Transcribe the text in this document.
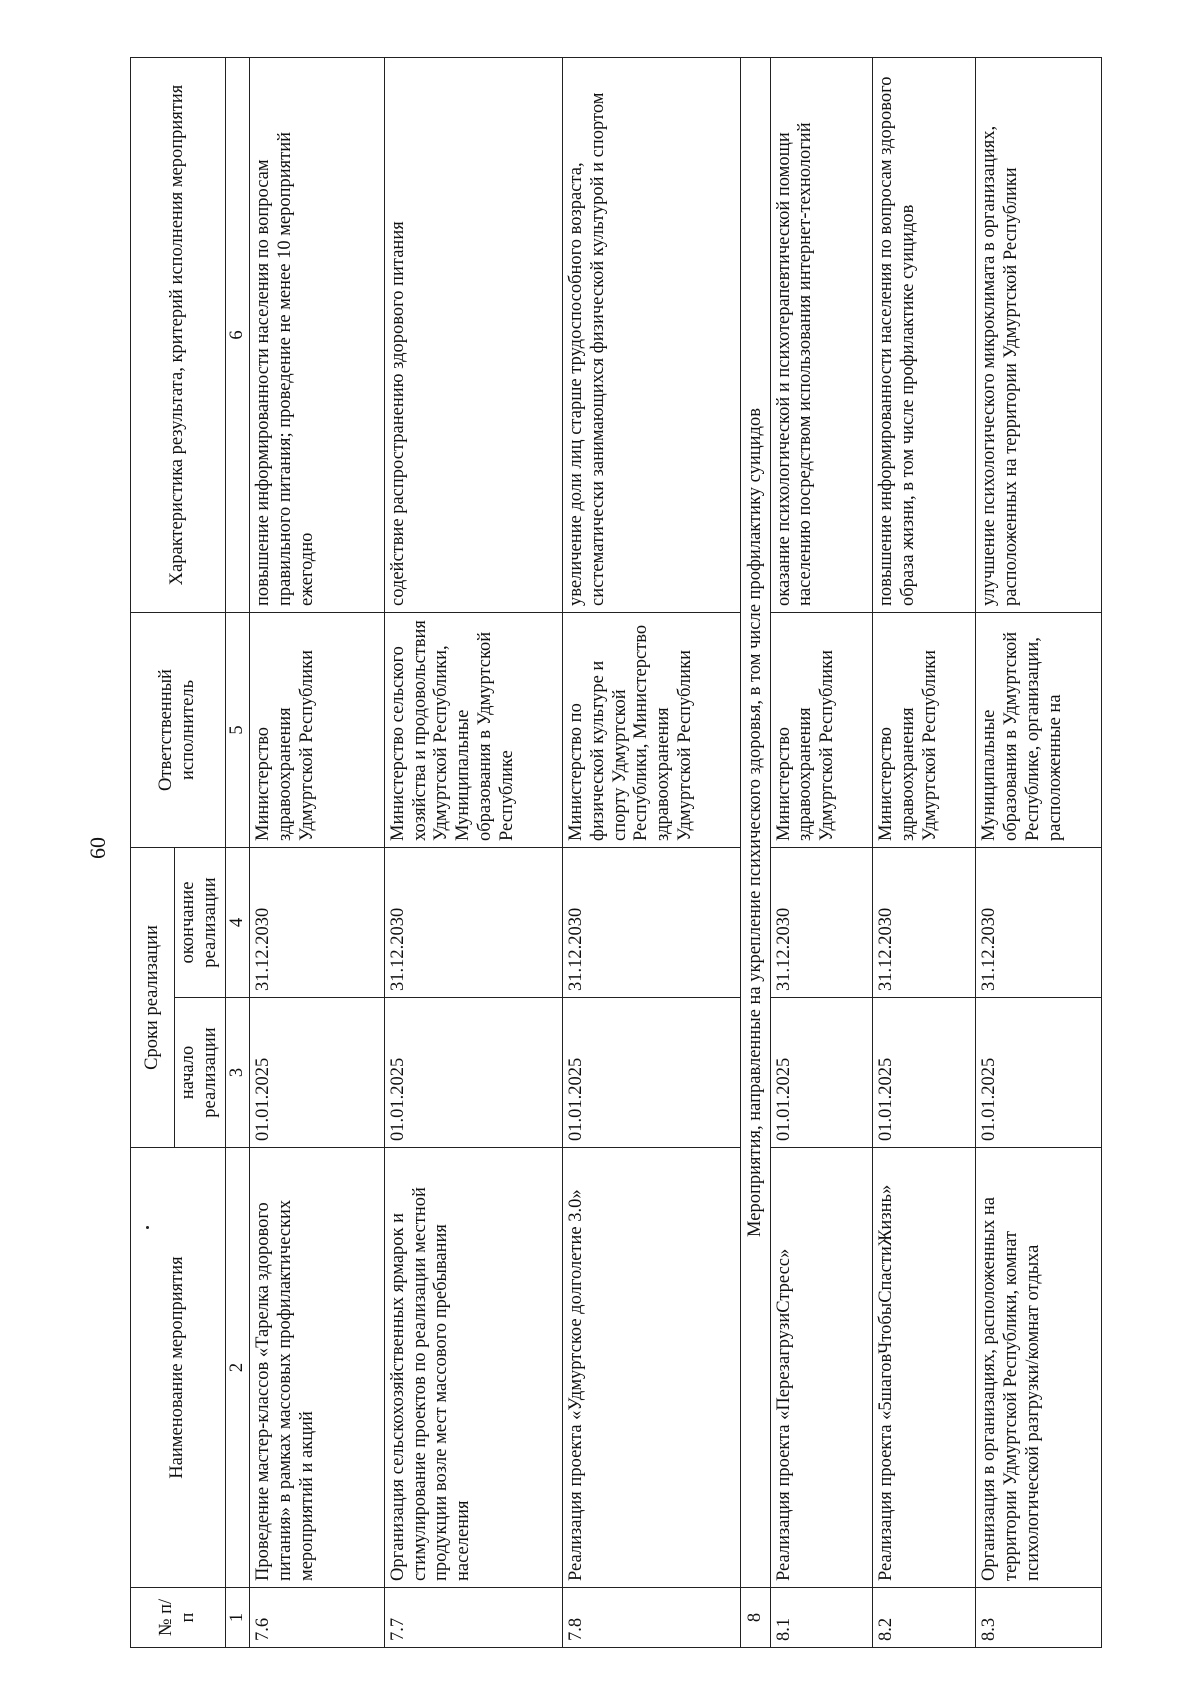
60
№ п/п	Наименование мероприятия	Сроки реализации		Ответственный исполнитель	Характеристика результата, критерий исполнения мероприятия
		начало реализации	окончание реализации		
1	2	3	4	5	6
7.6	Проведение мастер-классов «Тарелка здорового питания» в рамках массовых профилактических мероприятий и акций	01.01.2025	31.12.2030	Министерство здравоохранения Удмуртской Республики	повышение информированности населения по вопросам правильного питания; проведение не менее 10 мероприятий ежегодно
7.7	Организация сельскохозяйственных ярмарок и стимулирование проектов по реализации местной продукции возле мест массового пребывания населения	01.01.2025	31.12.2030	Министерство сельского хозяйства и продовольствия Удмуртской Республики, Муниципальные образования в Удмуртской Республике	содействие распространению здорового питания
7.8	Реализация проекта «Удмуртское долголетие 3.0»	01.01.2025	31.12.2030	Министерство по физической культуре и спорту Удмуртской Республики, Министерство здравоохранения Удмуртской Республики	увеличение доли лиц старше трудоспособного возраста, систематически занимающихся физической культурой и спортом
8	Мероприятия, направленные на укрепление психического здоровья, в том числе профилактику суицидов				
8.1	Реализация проекта «ПерезагрузиСтресс»	01.01.2025	31.12.2030	Министерство здравоохранения Удмуртской Республики	оказание психологической и психотерапевтической помощи населению посредством использования интернет-технологий
8.2	Реализация проекта «5шаговЧтобыСпастиЖизнь»	01.01.2025	31.12.2030	Министерство здравоохранения Удмуртской Республики	повышение информированности населения по вопросам здорового образа жизни, в том числе профилактике суицидов
8.3	Организация в организациях, расположенных на территории Удмуртской Республики, комнат психологической разгрузки/комнат отдыха	01.01.2025	31.12.2030	Муниципальные образования в Удмуртской Республике, организации, расположенные на	улучшение психологического микроклимата в организациях, расположенных на территории Удмуртской Республики
